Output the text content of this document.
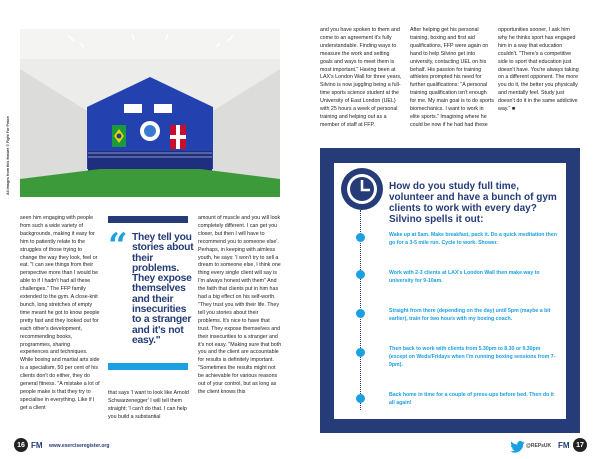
All images from this feature © Fight For Peace
seen him engaging with people from such a wide variety of backgrounds, making it easy for him to patiently relate to the struggles of those trying to change the way they look, feel or eat. "I can see things from their perspective more than I would be able to if I hadn't had all these challenges." The FFP family extended to the gym. A close-knit bunch, long stretches of empty time meant he got to know people pretty fast and they looked out for each other's development, recommending books, programmes, sharing experiences and techniques. While boxing and martial arts side is a specialism, 50 per cent of his clients don't do either, they do general fitness. "A mistake a lot of people make is that they try to specialise in everything. Like if I get a client
“ They tell you stories about their problems. They expose themselves and their insecurities to a stranger and it's not easy."
that says 'I want to look like Arnold Schwarzenegger' I will tell them straight; 'I can't do that. I can help you build a substantial
amount of muscle and you will look completely different. I can get you closer, but then I will have to recommend you to someone else'. Perhaps, in keeping with aimless youth, he says: 'I won't try to sell a dream to someone else, I think one thing every single client will say is I'm always honest with them" And the faith that clients put in him has had a big effect on his self-worth. "They trust you with their life. They tell you stories about their problems. It's nice to have that trust. They expose themselves and their insecurities to a stranger and it's not easy. "Making sure that both you and the client are accountable for results is definitely important. "Sometimes the results might not be achievable for various reasons out of your control, but as long as the client knows this
16 FM www.exerciseregister.org
and you have spoken to them and come to an agreement it's fully understandable. Finding ways to measure the work and setting goals and ways to meet them is most important." Having been at LAX's London Wall for three years, Silvino is now juggling being a full-time sports science student at the University of East London (UEL) with 25 hours a week of personal training and helping out as a member of staff at FFP.
After helping get his personal training, boxing and first aid qualifications, FFP were again on hand to help Silvino get into university, contacting UEL on his behalf. His passion for training athletes prompted his need for further qualifications: "A personal training qualification isn't enough for me. My main goal is to do sports biomechanics. I want to work in elite sports." Imagining where he could be now if he had had these
opportunities sooner, I ask him why he thinks sport has engaged him in a way that education couldn't. "There's a competitive side to sport that education just doesn't have. You're always taking on a different opponent. The more you do it, the better you physically and mentally feel. Study just doesn't do it in the same addictive way." ■
How do you study full time, volunteer and have a bunch of gym clients to work with every day? Silvino spells it out:
Wake up at 5am. Make breakfast, pack it. Do a quick meditation then go for a 3-5 mile run. Cycle to work. Shower.
Work with 2-3 clients at LAX's London Wall then make way to university for 9-10am.
Straight from there (depending on the day) until 5pm (maybe a bit earlier), train for two hours with my boxing coach.
Then back to work with clients from 5.30pm to 8.30 or 9.30pm (except on Weds/Fridays when I'm running boxing sessions from 7-9pm).
Back home in time for a couple of press-ups before bed. Then do it all again!
@REPsUK FM 17
